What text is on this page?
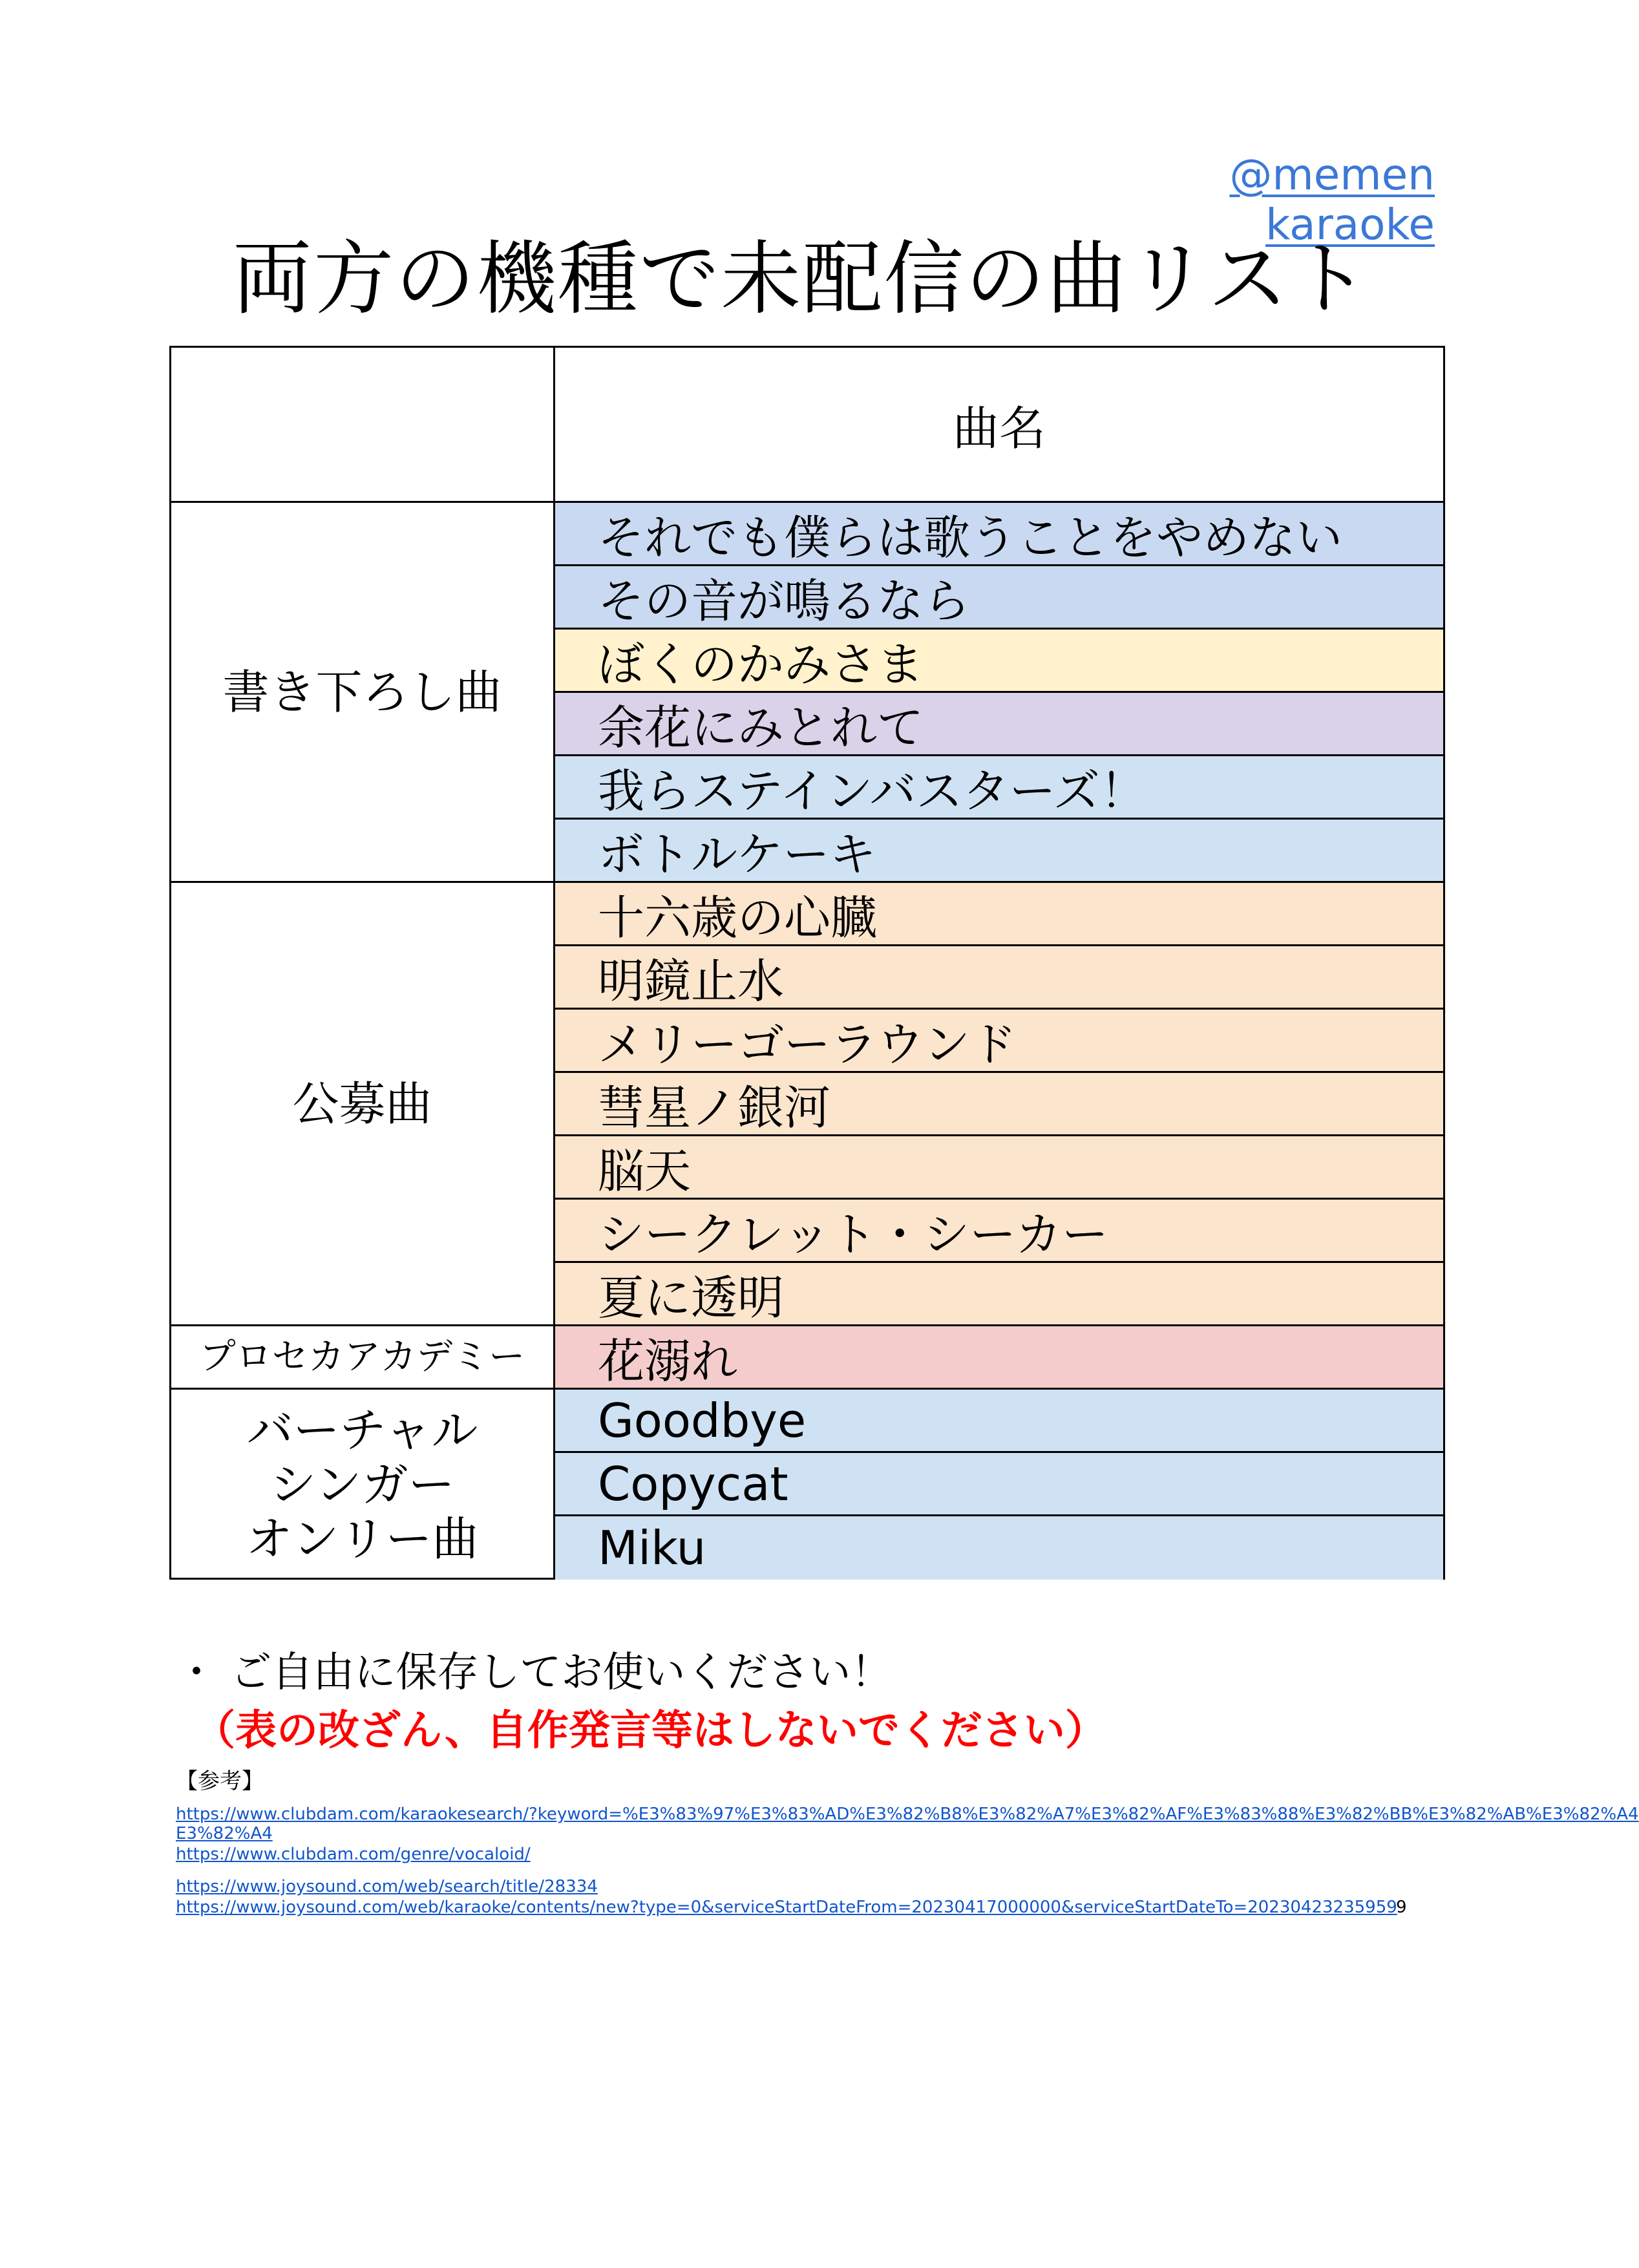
@memen karaoke
両方の機種で未配信の曲リスト
曲名
書き下ろし曲
公募曲
プロセカアカデミー
バーチャル
シンガー
オンリー曲
それでも僕らは歌うことをやめない
その音が鳴るなら
ぼくのかみさま
余花にみとれて
我らステインバスターズ！
ボトルケーキ
十六歳の心臓
明鏡止水
メリーゴーラウンド
彗星ノ銀河
脳天
シークレット・シーカー
夏に透明
花溺れ
Goodbye
Copycat
Miku
・ ご自由に保存してお使いください！
（表の改ざん、自作発言等はしないでください）
【参考】
https://www.clubdam.com/karaokesearch/?keyword=%E3%83%97%E3%83%AD%E3%82%B8%E3%82%A7%E3%82%AF%E3%83%88%E3%82%BB%E3%82%AB%E3%82%A4
E3%82%A4
https://www.clubdam.com/genre/vocaloid/
https://www.joysound.com/web/search/title/28334
https://www.joysound.com/web/karaoke/contents/new?type=0&serviceStartDateFrom=20230417000000&serviceStartDateTo=20230423235959
9
